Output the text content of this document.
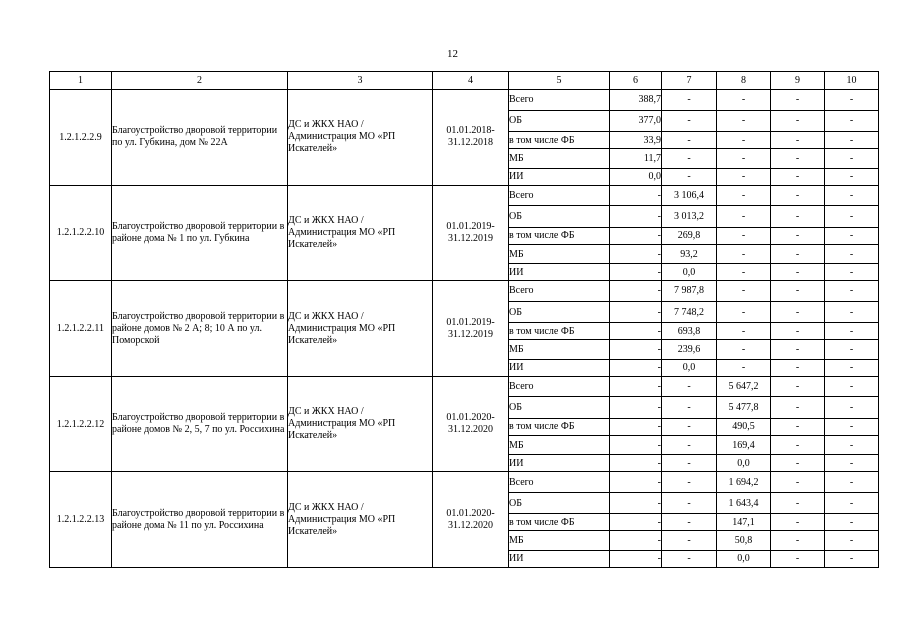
12
1	2	3	4	5	6	7	8	9	10
1.2.1.2.2.9	Благоустройство дворовой территории по ул. Губкина, дом № 22А	ДС и ЖКХ НАО / Администрация МО «РП Искателей»	01.01.2018-31.12.2018	Всего	388,7	-	-	-	-
				ОБ	377,0	-	-	-	-
				в том числе ФБ	33,9	-	-	-	-
				МБ	11,7	-	-	-	-
				ИИ	0,0	-	-	-	-
1.2.1.2.2.10	Благоустройство дворовой территории в районе дома № 1 по ул. Губкина	ДС и ЖКХ НАО / Администрация МО «РП Искателей»	01.01.2019-31.12.2019	Всего	-	3 106,4	-	-	-
				ОБ	-	3 013,2	-	-	-
				в том числе ФБ	-	269,8	-	-	-
				МБ	-	93,2	-	-	-
				ИИ	-	0,0	-	-	-
1.2.1.2.2.11	Благоустройство дворовой территории в районе домов № 2 А; 8; 10 А по ул. Поморской	ДС и ЖКХ НАО / Администрация МО «РП Искателей»	01.01.2019-31.12.2019	Всего	-	7 987,8	-	-	-
				ОБ	-	7 748,2	-	-	-
				в том числе ФБ	-	693,8	-	-	-
				МБ	-	239,6	-	-	-
				ИИ	-	0,0	-	-	-
1.2.1.2.2.12	Благоустройство дворовой территории в районе домов № 2, 5, 7 по ул. Россихина	ДС и ЖКХ НАО / Администрация МО «РП Искателей»	01.01.2020-31.12.2020	Всего	-	-	5 647,2	-	-
				ОБ	-	-	5 477,8	-	-
				в том числе ФБ	-	-	490,5	-	-
				МБ	-	-	169,4	-	-
				ИИ	-	-	0,0	-	-
1.2.1.2.2.13	Благоустройство дворовой территории в районе дома № 11 по ул. Россихина	ДС и ЖКХ НАО / Администрация МО «РП Искателей»	01.01.2020-31.12.2020	Всего	-	-	1 694,2	-	-
				ОБ	-	-	1 643,4	-	-
				в том числе ФБ	-	-	147,1	-	-
				МБ	-	-	50,8	-	-
				ИИ	-	-	0,0	-	-
